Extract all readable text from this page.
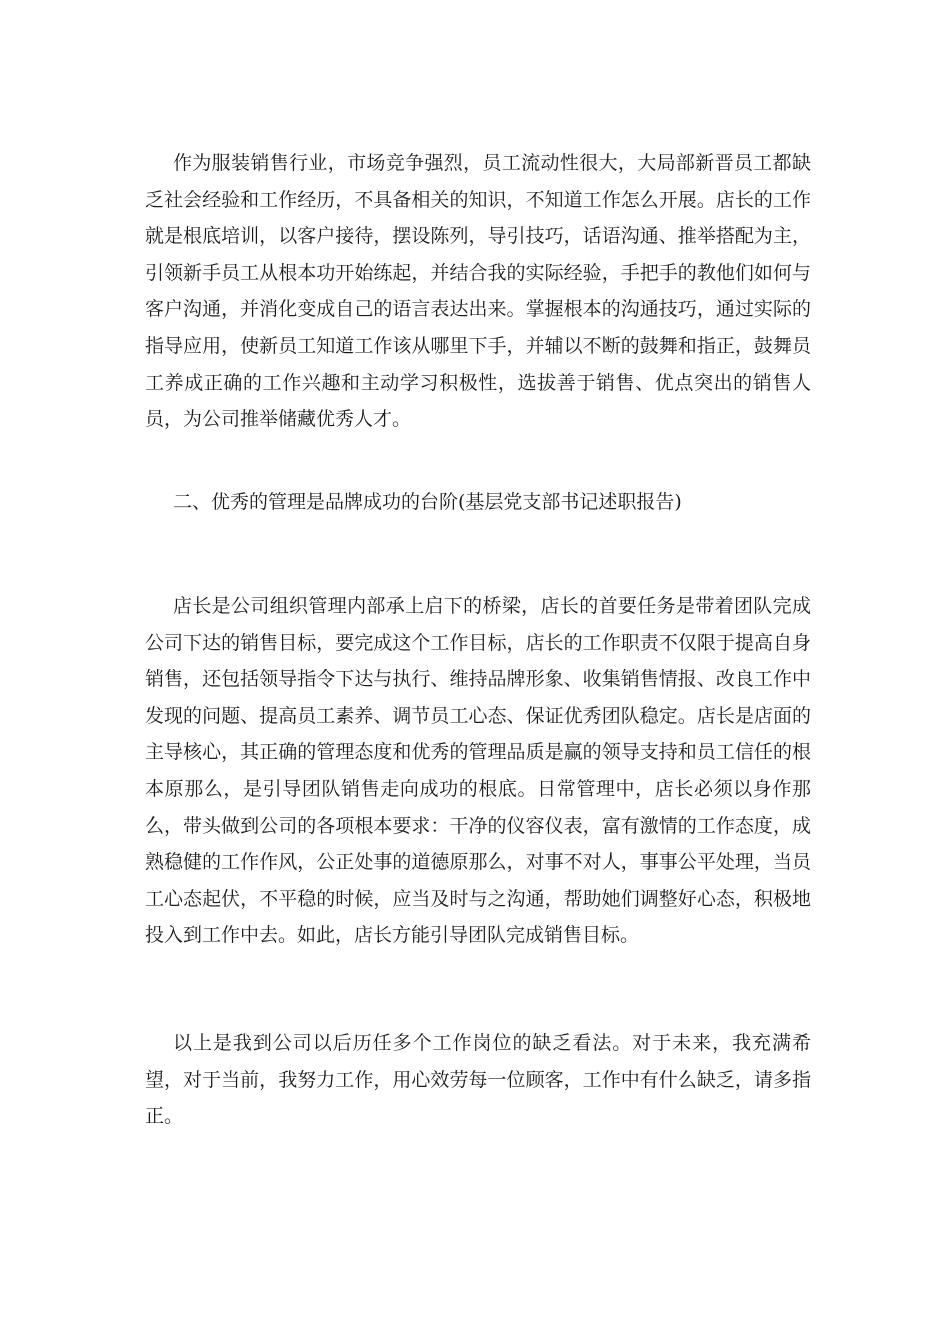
作为服装销售行业，市场竞争强烈，员工流动性很大，大局部新晋员工都缺乏社会经验和工作经历，不具备相关的知识，不知道工作怎么开展。店长的工作就是根底培训，以客户接待，摆设陈列，导引技巧，话语沟通、推举搭配为主，引领新手员工从根本功开始练起，并结合我的实际经验，手把手的教他们如何与客户沟通，并消化变成自己的语言表达出来。掌握根本的沟通技巧，通过实际的指导应用，使新员工知道工作该从哪里下手，并辅以不断的鼓舞和指正，鼓舞员工养成正确的工作兴趣和主动学习积极性，选拔善于销售、优点突出的销售人员，为公司推举储藏优秀人才。

二、优秀的管理是品牌成功的台阶(基层党支部书记述职报告)

店长是公司组织管理内部承上启下的桥梁，店长的首要任务是带着团队完成公司下达的销售目标，要完成这个工作目标，店长的工作职责不仅限于提高自身销售，还包括领导指令下达与执行、维持品牌形象、收集销售情报、改良工作中发现的问题、提高员工素养、调节员工心态、保证优秀团队稳定。店长是店面的主导核心，其正确的管理态度和优秀的管理品质是赢的领导支持和员工信任的根本原那么，是引导团队销售走向成功的根底。日常管理中，店长必须以身作那么，带头做到公司的各项根本要求：干净的仪容仪表，富有激情的工作态度，成熟稳健的工作作风，公正处事的道德原那么，对事不对人，事事公平处理，当员工心态起伏，不平稳的时候，应当及时与之沟通，帮助她们调整好心态，积极地投入到工作中去。如此，店长方能引导团队完成销售目标。

以上是我到公司以后历任多个工作岗位的缺乏看法。对于未来，我充满希望，对于当前，我努力工作，用心效劳每一位顾客，工作中有什么缺乏，请多指正。
